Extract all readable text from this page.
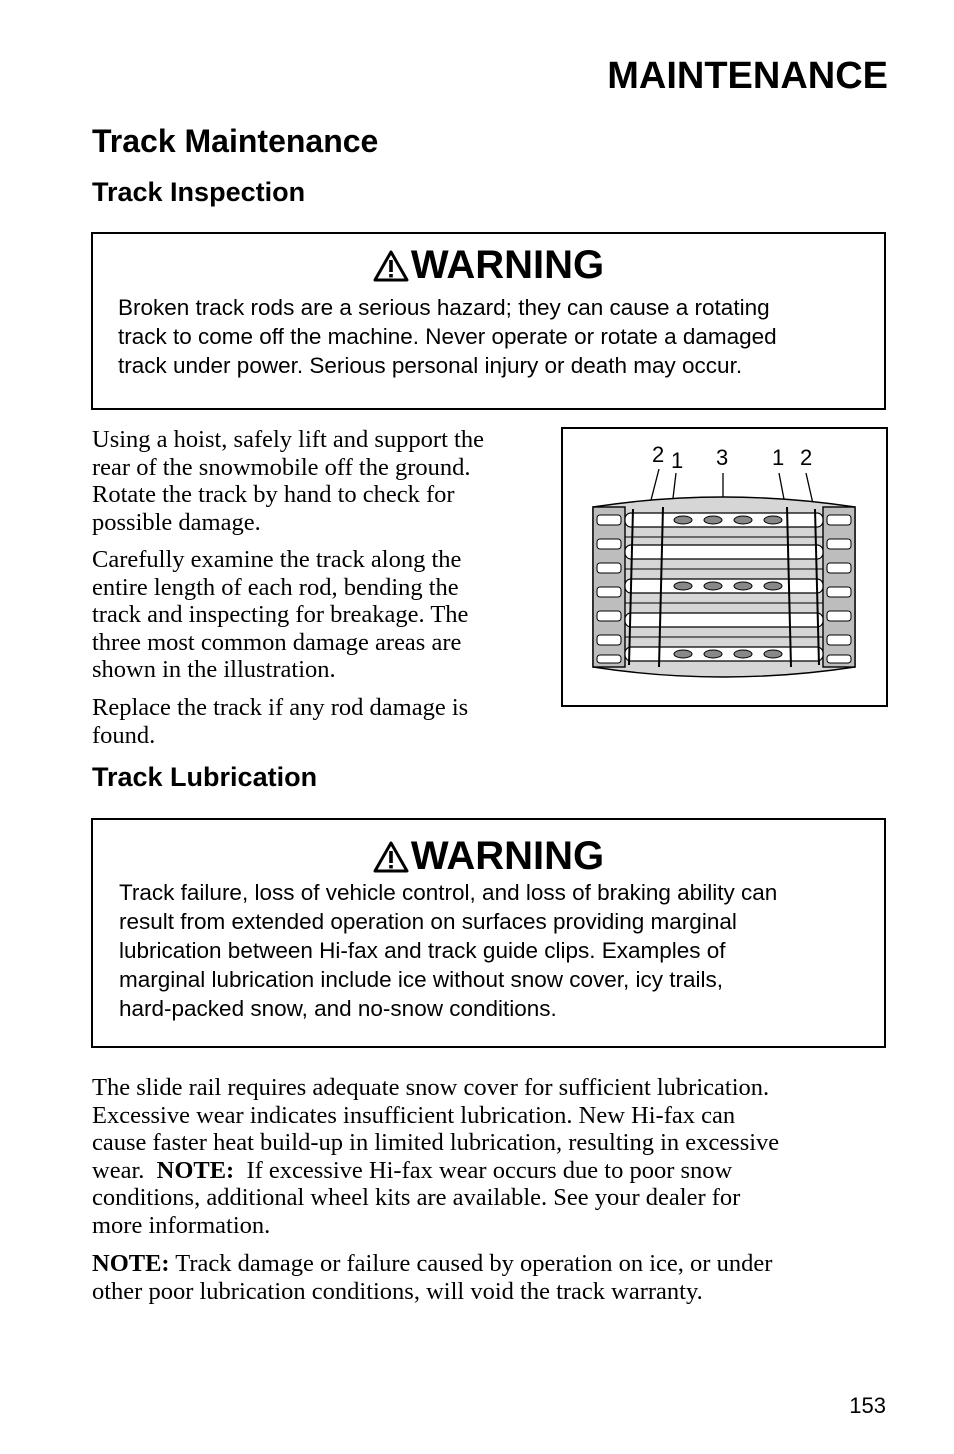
MAINTENANCE
Track Maintenance
Track Inspection
WARNING

Broken track rods are a serious hazard; they can cause a rotating

track to come off the machine. Never operate or rotate a damaged

track under power. Serious personal injury or death may occur.

Using a hoist, safely lift and support the

rear of the snowmobile off the ground.

Rotate the track by hand to check for

possible damage.

Carefully examine the track along the

entire length of each rod, bending the

track and inspecting for breakage. The

three most common damage areas are

shown in the illustration.

Replace the track if any rod damage is

found.

2 1 3 1 2
Track Lubrication
WARNING

Track failure, loss of vehicle control, and loss of braking ability can

result from extended operation on surfaces providing marginal

lubrication between Hi-fax and track guide clips. Examples of

marginal lubrication include ice without snow cover, icy trails,

hard-packed snow, and no-snow conditions.

The slide rail requires adequate snow cover for sufficient lubrication.

Excessive wear indicates insufficient lubrication. New Hi-fax can

cause faster heat build-up in limited lubrication, resulting in excessive

wear.  NOTE:  If excessive Hi-fax wear occurs due to poor snow

conditions, additional wheel kits are available. See your dealer for

more information.

NOTE: Track damage or failure caused by operation on ice, or under

other poor lubrication conditions, will void the track warranty.

153
